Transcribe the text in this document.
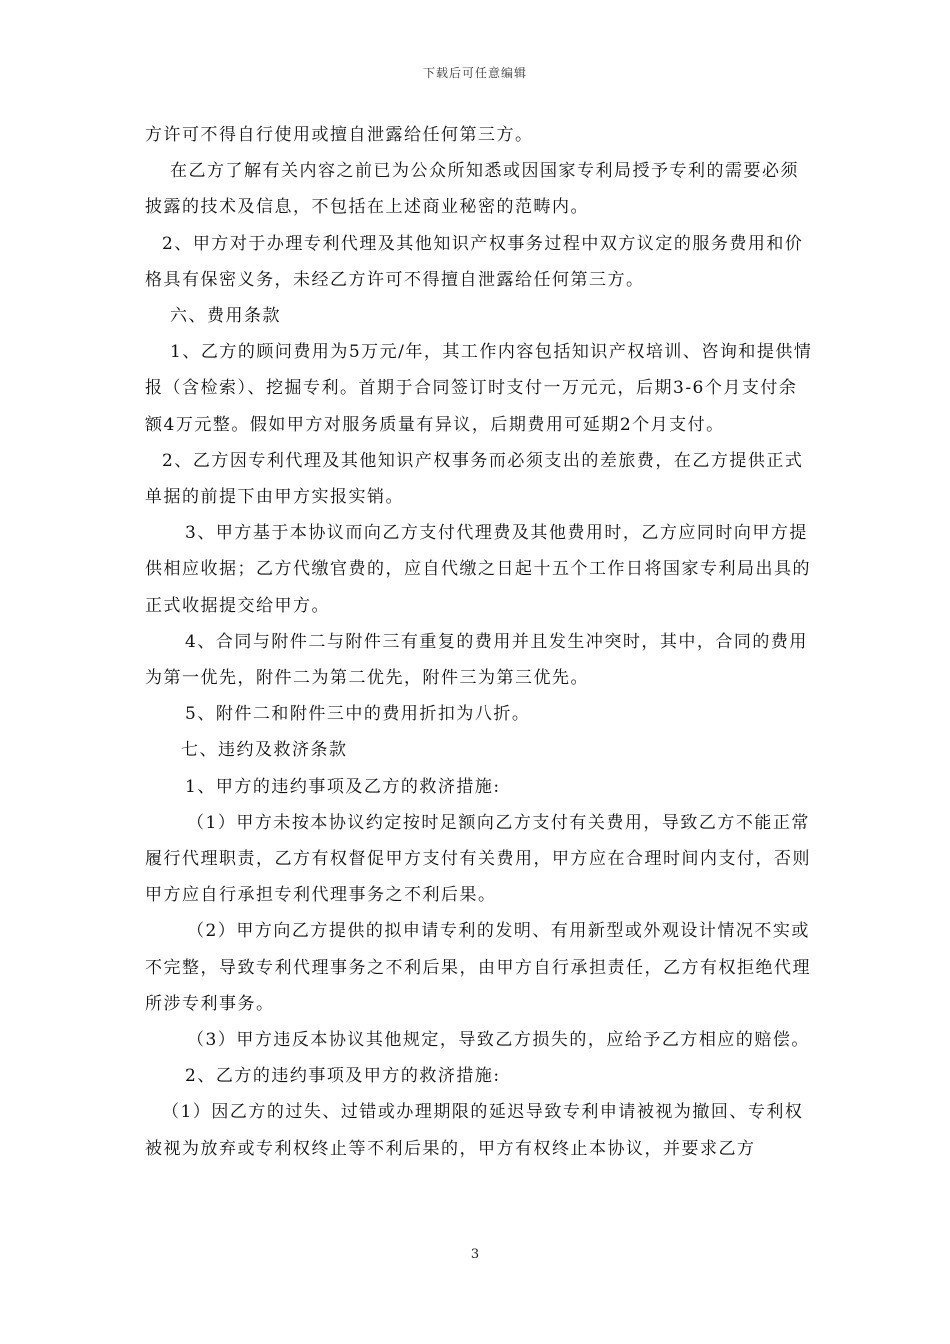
下载后可任意编辑

方许可不得自行使用或擅自泄露给任何第三方。

在乙方了解有关内容之前已为公众所知悉或因国家专利局授予专利的需要必须披露的技术及信息，不包括在上述商业秘密的范畴内。

2、甲方对于办理专利代理及其他知识产权事务过程中双方议定的服务费用和价格具有保密义务，未经乙方许可不得擅自泄露给任何第三方。

六、费用条款

1、乙方的顾问费用为5万元/年，其工作内容包括知识产权培训、咨询和提供情报（含检索）、挖掘专利。首期于合同签订时支付一万元元，后期3-6个月支付余额4万元整。假如甲方对服务质量有异议，后期费用可延期2个月支付。

2、乙方因专利代理及其他知识产权事务而必须支出的差旅费，在乙方提供正式单据的前提下由甲方实报实销。

3、甲方基于本协议而向乙方支付代理费及其他费用时，乙方应同时向甲方提供相应收据；乙方代缴官费的，应自代缴之日起十五个工作日将国家专利局出具的正式收据提交给甲方。

4、合同与附件二与附件三有重复的费用并且发生冲突时，其中，合同的费用为第一优先，附件二为第二优先，附件三为第三优先。

5、附件二和附件三中的费用折扣为八折。

七、违约及救济条款

1、甲方的违约事项及乙方的救济措施:

（1）甲方未按本协议约定按时足额向乙方支付有关费用，导致乙方不能正常履行代理职责，乙方有权督促甲方支付有关费用，甲方应在合理时间内支付，否则甲方应自行承担专利代理事务之不利后果。

（2）甲方向乙方提供的拟申请专利的发明、有用新型或外观设计情况不实或不完整，导致专利代理事务之不利后果，由甲方自行承担责任，乙方有权拒绝代理所涉专利事务。

（3）甲方违反本协议其他规定，导致乙方损失的，应给予乙方相应的赔偿。

2、乙方的违约事项及甲方的救济措施:

（1）因乙方的过失、过错或办理期限的延迟导致专利申请被视为撤回、专利权被视为放弃或专利权终止等不利后果的，甲方有权终止本协议，并要求乙方

3
